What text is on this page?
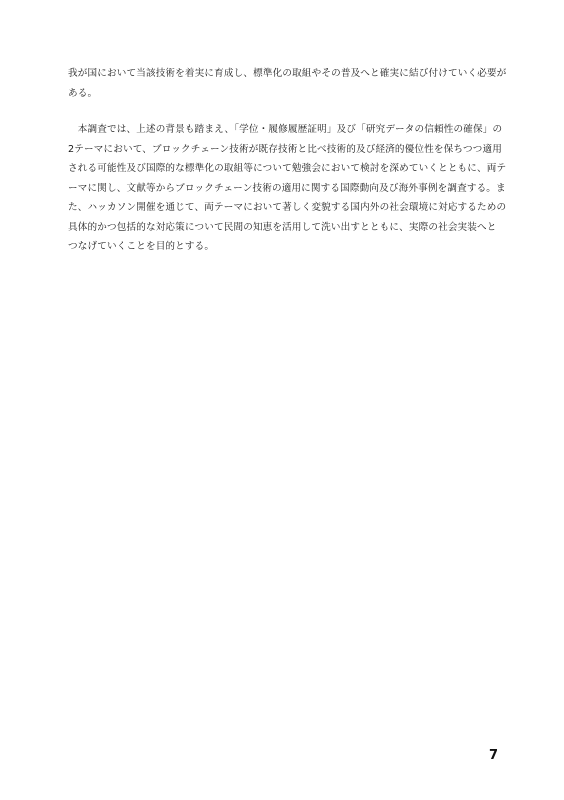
我が国において当該技術を着実に育成し、標準化の取組やその普及へと確実に結び付けていく必要が
ある。

　本調査では、上述の背景も踏まえ、「学位・履修履歴証明」及び「研究データの信頼性の確保」の
2テーマにおいて、ブロックチェーン技術が既存技術と比べ技術的及び経済的優位性を保ちつつ適用
される可能性及び国際的な標準化の取組等について勉強会において検討を深めていくとともに、両テ
ーマに関し、文献等からブロックチェーン技術の適用に関する国際動向及び海外事例を調査する。ま
た、ハッカソン開催を通じて、両テーマにおいて著しく変貌する国内外の社会環境に対応するための
具体的かつ包括的な対応策について民間の知恵を活用して洗い出すとともに、実際の社会実装へと
つなげていくことを目的とする。

7
